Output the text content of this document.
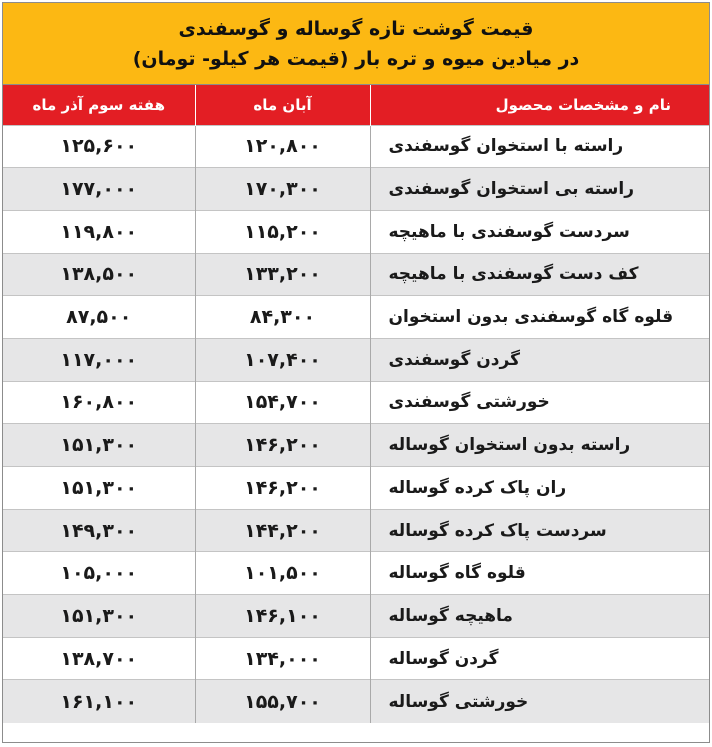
قیمت گوشت تازه گوساله و گوسفندی
در میادین میوه و تره بار (قیمت هر کیلو- تومان)
نام و مشخصات محصول	آبان ماه	هفته سوم آذر ماه
راسته با استخوان گوسفندی	۱۲۰,۸۰۰	۱۲۵,۶۰۰
راسته بی استخوان گوسفندی	۱۷۰,۳۰۰	۱۷۷,۰۰۰
سردست گوسفندی با ماهیچه	۱۱۵,۲۰۰	۱۱۹,۸۰۰
کف دست گوسفندی با ماهیچه	۱۳۳,۲۰۰	۱۳۸,۵۰۰
قلوه گاه گوسفندی بدون استخوان	۸۴,۳۰۰	۸۷,۵۰۰
گردن گوسفندی	۱۰۷,۴۰۰	۱۱۷,۰۰۰
خورشتی گوسفندی	۱۵۴,۷۰۰	۱۶۰,۸۰۰
راسته بدون استخوان گوساله	۱۴۶,۲۰۰	۱۵۱,۳۰۰
ران پاک کرده گوساله	۱۴۶,۲۰۰	۱۵۱,۳۰۰
سردست پاک کرده گوساله	۱۴۴,۲۰۰	۱۴۹,۳۰۰
قلوه گاه گوساله	۱۰۱,۵۰۰	۱۰۵,۰۰۰
ماهیچه گوساله	۱۴۶,۱۰۰	۱۵۱,۳۰۰
گردن گوساله	۱۳۴,۰۰۰	۱۳۸,۷۰۰
خورشتی گوساله	۱۵۵,۷۰۰	۱۶۱,۱۰۰
